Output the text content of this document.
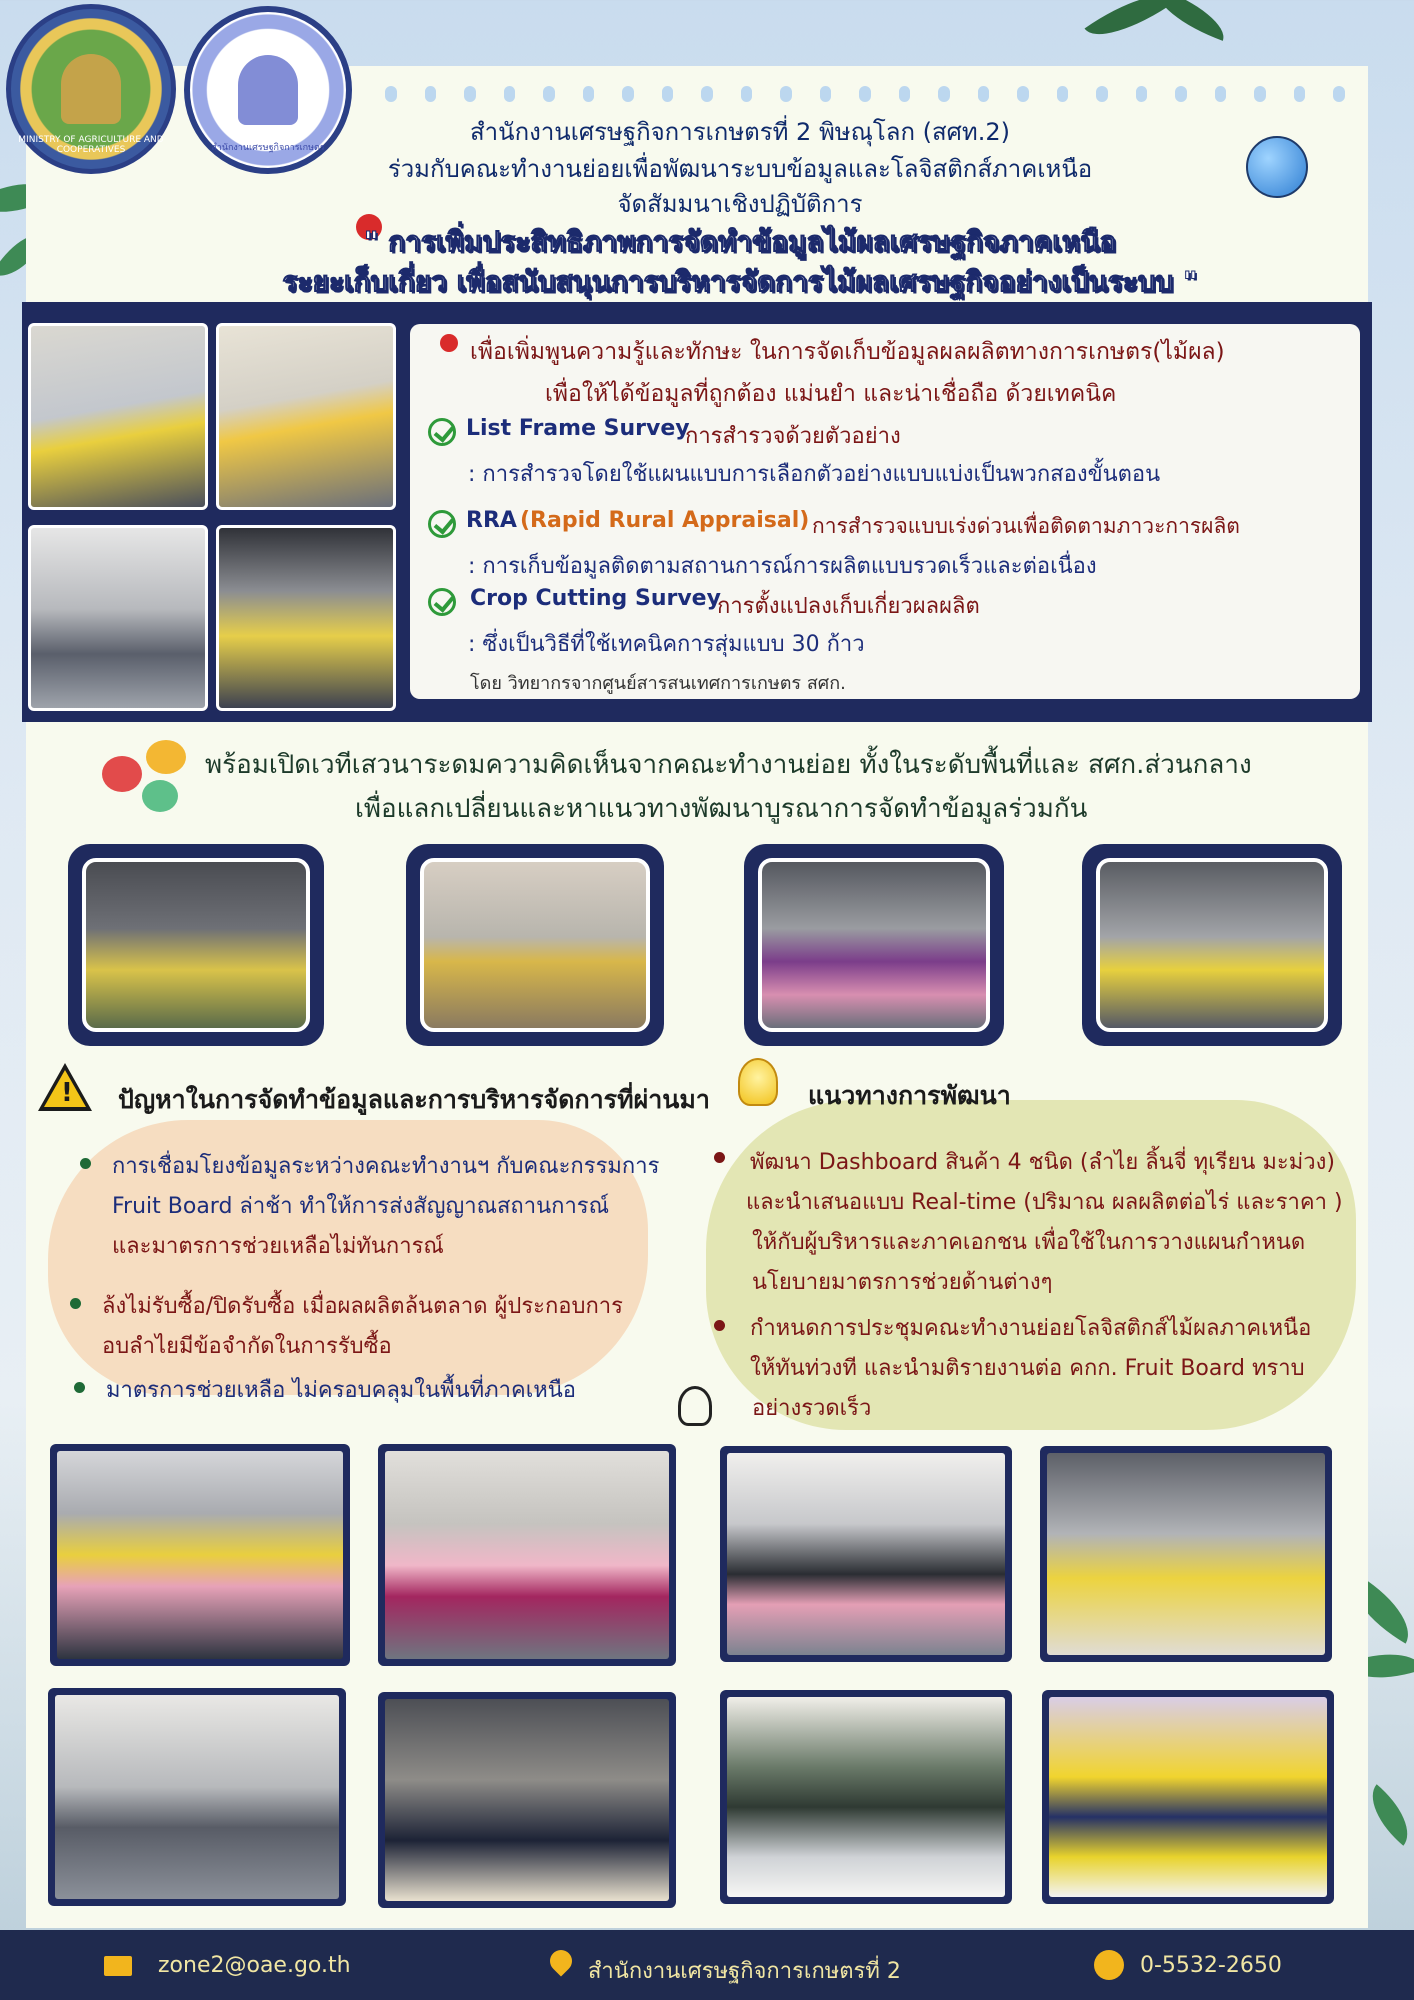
MINISTRY OF AGRICULTURE AND COOPERATIVES	สำนักงานเศรษฐกิจการเกษตร
สำนักงานเศรษฐกิจการเกษตรที่ 2 พิษณุโลก (สศท.2)
ร่วมกับคณะทำงานย่อยเพื่อพัฒนาระบบข้อมูลและโลจิสติกส์ภาคเหนือ
จัดสัมมนาเชิงปฏิบัติการ
" การเพิ่มประสิทธิภาพการจัดทำข้อมูลไม้ผลเศรษฐกิจภาคเหนือ
ระยะเก็บเกี่ยว เพื่อสนับสนุนการบริหารจัดการไม้ผลเศรษฐกิจอย่างเป็นระบบ "
เพื่อเพิ่มพูนความรู้และทักษะ ในการจัดเก็บข้อมูลผลผลิตทางการเกษตร(ไม้ผล)
เพื่อให้ได้ข้อมูลที่ถูกต้อง แม่นยำ และน่าเชื่อถือ ด้วยเทคนิค
List Frame Survey
การสำรวจด้วยตัวอย่าง
: การสำรวจโดยใช้แผนแบบการเลือกตัวอย่างแบบแบ่งเป็นพวกสองขั้นตอน
RRA (Rapid Rural Appraisal) การสำรวจแบบเร่งด่วนเพื่อติดตามภาวะการผลิต
: การเก็บข้อมูลติดตามสถานการณ์การผลิตแบบรวดเร็วและต่อเนื่อง
Crop Cutting Survey
การตั้งแปลงเก็บเกี่ยวผลผลิต
: ซึ่งเป็นวิธีที่ใช้เทคนิคการสุ่มแบบ 30 ก้าว
โดย วิทยากรจากศูนย์สารสนเทศการเกษตร สศก.
พร้อมเปิดเวทีเสวนาระดมความคิดเห็นจากคณะทำงานย่อย ทั้งในระดับพื้นที่และ สศก.ส่วนกลาง
เพื่อแลกเปลี่ยนและหาแนวทางพัฒนาบูรณาการจัดทำข้อมูลร่วมกัน
! ปัญหาในการจัดทำข้อมูลและการบริหารจัดการที่ผ่านมา	แนวทางการพัฒนา
การเชื่อมโยงข้อมูลระหว่างคณะทำงานฯ กับคณะกรรมการ
Fruit Board ล่าช้า ทำให้การส่งสัญญาณสถานการณ์
และมาตรการช่วยเหลือไม่ทันการณ์
ล้งไม่รับซื้อ/ปิดรับซื้อ เมื่อผลผลิตล้นตลาด ผู้ประกอบการ
อบลำไยมีข้อจำกัดในการรับซื้อ
มาตรการช่วยเหลือ ไม่ครอบคลุมในพื้นที่ภาคเหนือ
พัฒนา Dashboard สินค้า 4 ชนิด (ลำไย ลิ้นจี่ ทุเรียน มะม่วง)
และนำเสนอแบบ Real-time (ปริมาณ ผลผลิตต่อไร่ และราคา )
ให้กับผู้บริหารและภาคเอกชน เพื่อใช้ในการวางแผนกำหนด
นโยบายมาตรการช่วยด้านต่างๆ
กำหนดการประชุมคณะทำงานย่อยโลจิสติกส์ไม้ผลภาคเหนือ
ให้ทันท่วงที และนำมติรายงานต่อ คกก. Fruit Board ทราบ
อย่างรวดเร็ว
zone2@oae.go.th	สำนักงานเศรษฐกิจการเกษตรที่ 2	0-5532-2650
